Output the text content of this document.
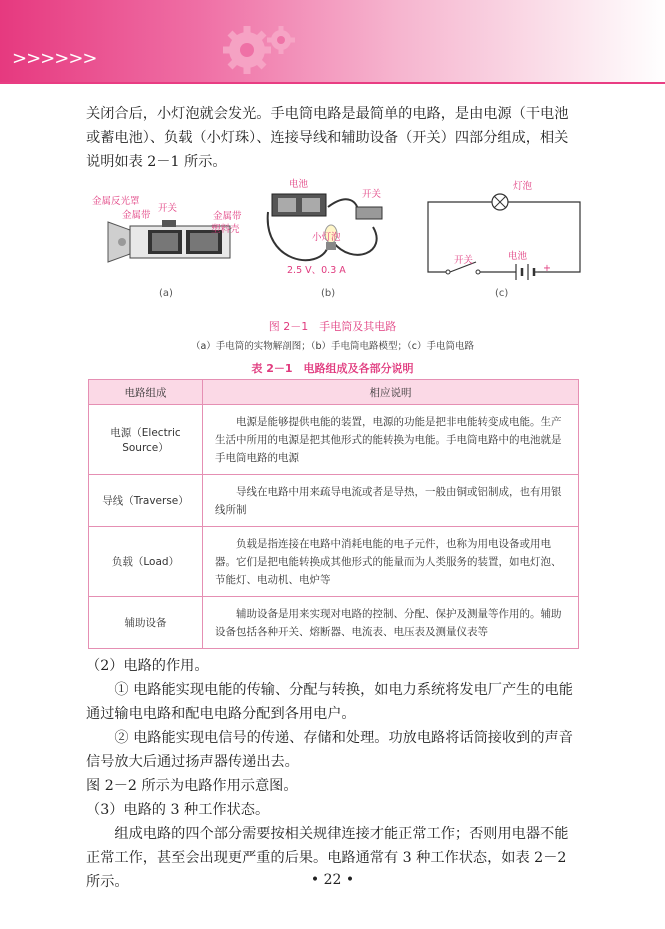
>>>>>>

关闭合后，小灯泡就会发光。手电筒电路是最简单的电路，是由电源（干电池或蓄电池）、负载（小灯珠）、连接导线和辅助设备（开关）四部分组成，相关说明如表 2－1 所示。

金属反光罩
金属带
开关
金属带
塑料壳
电池
开关
小灯泡
2.5 V、0.3 A
灯泡
开关	电池
+
(a)	(b)	(c)
图 2－1　手电筒及其电路
（a）手电筒的实物解剖图；（b）手电筒电路模型；（c）手电筒电路
表 2－1　电路组成及各部分说明
电路组成	相应说明
电源（Electric Source）	电源是能够提供电能的装置，电源的功能是把非电能转变成电能。生产生活中所用的电源是把其他形式的能转换为电能。手电筒电路中的电池就是手电筒电路的电源
导线（Traverse）	导线在电路中用来疏导电流或者是导热，一般由铜或铝制成，也有用银线所制
负载（Load）	负载是指连接在电路中消耗电能的电子元件，也称为用电设备或用电器。它们是把电能转换成其他形式的能量而为人类服务的装置，如电灯泡、节能灯、电动机、电炉等
辅助设备	辅助设备是用来实现对电路的控制、分配、保护及测量等作用的。辅助设备包括各种开关、熔断器、电流表、电压表及测量仪表等

（2）电路的作用。

① 电路能实现电能的传输、分配与转换，如电力系统将发电厂产生的电能通过输电电路和配电电路分配到各用电户。

② 电路能实现电信号的传递、存储和处理。功放电路将话筒接收到的声音信号放大后通过扬声器传递出去。

图 2－2 所示为电路作用示意图。

（3）电路的 3 种工作状态。

组成电路的四个部分需要按相关规律连接才能正常工作；否则用电器不能正常工作，甚至会出现更严重的后果。电路通常有 3 种工作状态，如表 2－2 所示。	• 22 •
